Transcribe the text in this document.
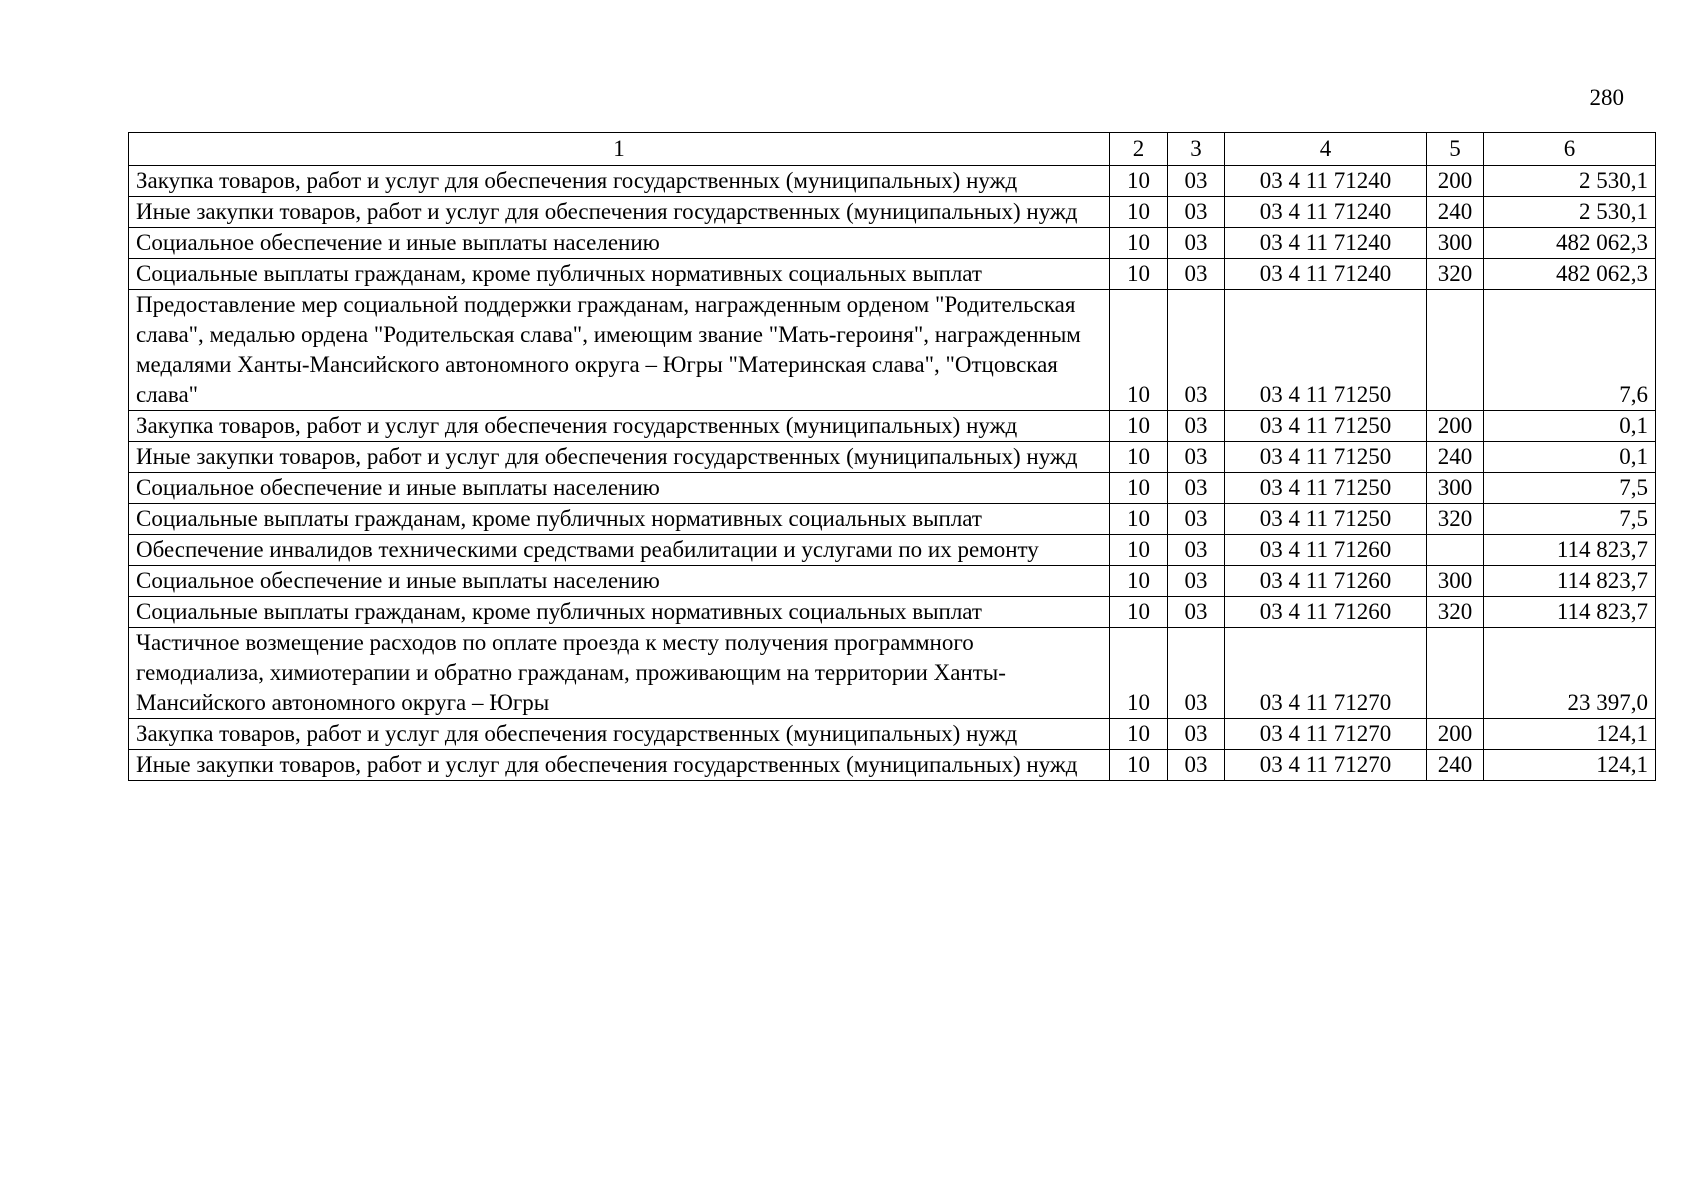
280
1	2	3	4	5	6
Закупка товаров, работ и услуг для обеспечения государственных (муниципальных) нужд	10	03	03 4 11 71240	200	2 530,1
Иные закупки товаров, работ и услуг для обеспечения государственных (муниципальных) нужд	10	03	03 4 11 71240	240	2 530,1
Социальное обеспечение и иные выплаты населению	10	03	03 4 11 71240	300	482 062,3
Социальные выплаты гражданам, кроме публичных нормативных социальных выплат	10	03	03 4 11 71240	320	482 062,3
Предоставление мер социальной поддержки гражданам, награжденным орденом "Родительская слава", медалью ордена "Родительская слава", имеющим звание "Мать-героиня", награжденным медалями Ханты-Мансийского автономного округа – Югры "Материнская слава", "Отцовская слава"	10	03	03 4 11 71250		7,6
Закупка товаров, работ и услуг для обеспечения государственных (муниципальных) нужд	10	03	03 4 11 71250	200	0,1
Иные закупки товаров, работ и услуг для обеспечения государственных (муниципальных) нужд	10	03	03 4 11 71250	240	0,1
Социальное обеспечение и иные выплаты населению	10	03	03 4 11 71250	300	7,5
Социальные выплаты гражданам, кроме публичных нормативных социальных выплат	10	03	03 4 11 71250	320	7,5
Обеспечение инвалидов техническими средствами реабилитации и услугами по их ремонту	10	03	03 4 11 71260		114 823,7
Социальное обеспечение и иные выплаты населению	10	03	03 4 11 71260	300	114 823,7
Социальные выплаты гражданам, кроме публичных нормативных социальных выплат	10	03	03 4 11 71260	320	114 823,7
Частичное возмещение расходов по оплате проезда к месту получения программного гемодиализа, химиотерапии и обратно гражданам, проживающим на территории Ханты-Мансийского автономного округа – Югры	10	03	03 4 11 71270		23 397,0
Закупка товаров, работ и услуг для обеспечения государственных (муниципальных) нужд	10	03	03 4 11 71270	200	124,1
Иные закупки товаров, работ и услуг для обеспечения государственных (муниципальных) нужд	10	03	03 4 11 71270	240	124,1
